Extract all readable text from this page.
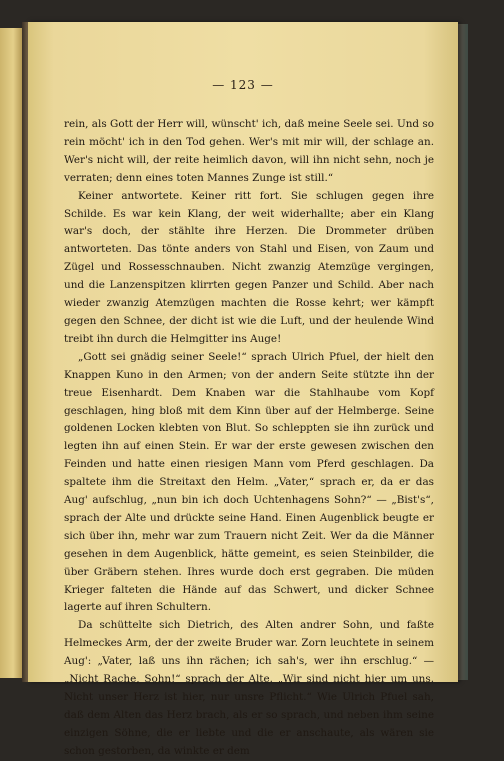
— 123 —

rein, als Gott der Herr will, wünscht' ich, daß meine Seele sei. Und so rein möcht' ich in den Tod gehen. Wer's mit mir will, der schlage an. Wer's nicht will, der reite heimlich davon, will ihn nicht sehn, noch je verraten; denn eines toten Mannes Zunge ist still.“

Keiner antwortete. Keiner ritt fort. Sie schlugen gegen ihre Schilde. Es war kein Klang, der weit widerhallte; aber ein Klang war's doch, der stählte ihre Herzen. Die Drommeter drüben antworteten. Das tönte anders von Stahl und Eisen, von Zaum und Zügel und Rossesschnauben. Nicht zwanzig Atemzüge vergingen, und die Lanzenspitzen klirrten gegen Panzer und Schild. Aber nach wieder zwanzig Atemzügen machten die Rosse kehrt; wer kämpft gegen den Schnee, der dicht ist wie die Luft, und der heulende Wind treibt ihn durch die Helmgitter ins Auge!

„Gott sei gnädig seiner Seele!“ sprach Ulrich Pfuel, der hielt den Knappen Kuno in den Armen; von der andern Seite stützte ihn der treue Eisenhardt. Dem Knaben war die Stahlhaube vom Kopf geschlagen, hing bloß mit dem Kinn über auf der Helmberge. Seine goldenen Locken klebten von Blut. So schleppten sie ihn zurück und legten ihn auf einen Stein. Er war der erste gewesen zwischen den Feinden und hatte einen riesigen Mann vom Pferd geschlagen. Da spaltete ihm die Streitaxt den Helm. „Vater,“ sprach er, da er das Aug' aufschlug, „nun bin ich doch Uchtenhagens Sohn?“ — „Bist's“, sprach der Alte und drückte seine Hand. Einen Augenblick beugte er sich über ihn, mehr war zum Trauern nicht Zeit. Wer da die Männer gesehen in dem Augenblick, hätte gemeint, es seien Steinbilder, die über Gräbern stehen. Ihres wurde doch erst gegraben. Die müden Krieger falteten die Hände auf das Schwert, und dicker Schnee lagerte auf ihren Schultern.

Da schüttelte sich Dietrich, des Alten andrer Sohn, und faßte Helmeckes Arm, der der zweite Bruder war. Zorn leuchtete in seinem Aug': „Vater, laß uns ihn rächen; ich sah's, wer ihn erschlug.“ — „Nicht Rache, Sohn!“ sprach der Alte. „Wir sind nicht hier um uns. Nicht unser Herz ist hier, nur unsre Pflicht.“ Wie Ulrich Pfuel sah, daß dem Alten das Herz brach, als er so sprach, und neben ihm seine einzigen Söhne, die er liebte und die er anschaute, als wären sie schon gestorben, da winkte er dem
